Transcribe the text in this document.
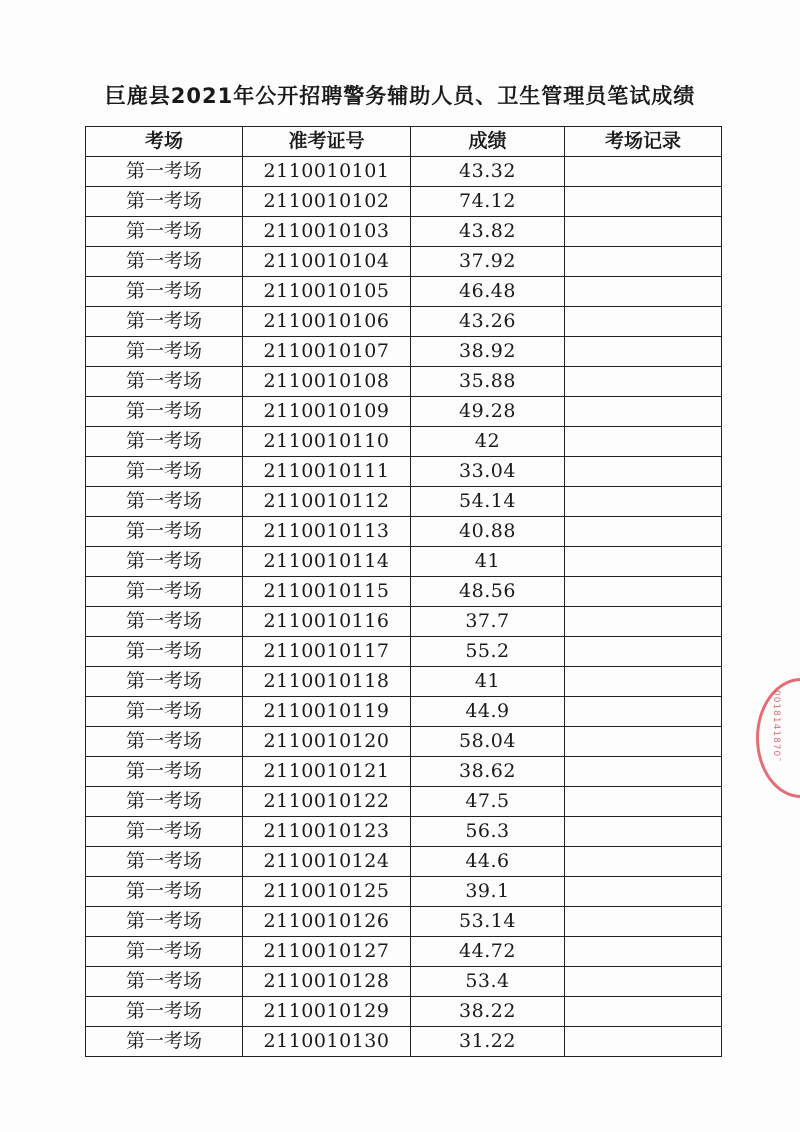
巨鹿县2021年公开招聘警务辅助人员、卫生管理员笔试成绩
考场	准考证号	成绩	考场记录
第一考场	2110010101	43.32	
第一考场	2110010102	74.12	
第一考场	2110010103	43.82	
第一考场	2110010104	37.92	
第一考场	2110010105	46.48	
第一考场	2110010106	43.26	
第一考场	2110010107	38.92	
第一考场	2110010108	35.88	
第一考场	2110010109	49.28	
第一考场	2110010110	42	
第一考场	2110010111	33.04	
第一考场	2110010112	54.14	
第一考场	2110010113	40.88	
第一考场	2110010114	41	
第一考场	2110010115	48.56	
第一考场	2110010116	37.7	
第一考场	2110010117	55.2	
第一考场	2110010118	41	
第一考场	2110010119	44.9	
第一考场	2110010120	58.04	
第一考场	2110010121	38.62	
第一考场	2110010122	47.5	
第一考场	2110010123	56.3	
第一考场	2110010124	44.6	
第一考场	2110010125	39.1	
第一考场	2110010126	53.14	
第一考场	2110010127	44.72	
第一考场	2110010128	53.4	
第一考场	2110010129	38.22	
第一考场	2110010130	31.22	
0018141870¯
